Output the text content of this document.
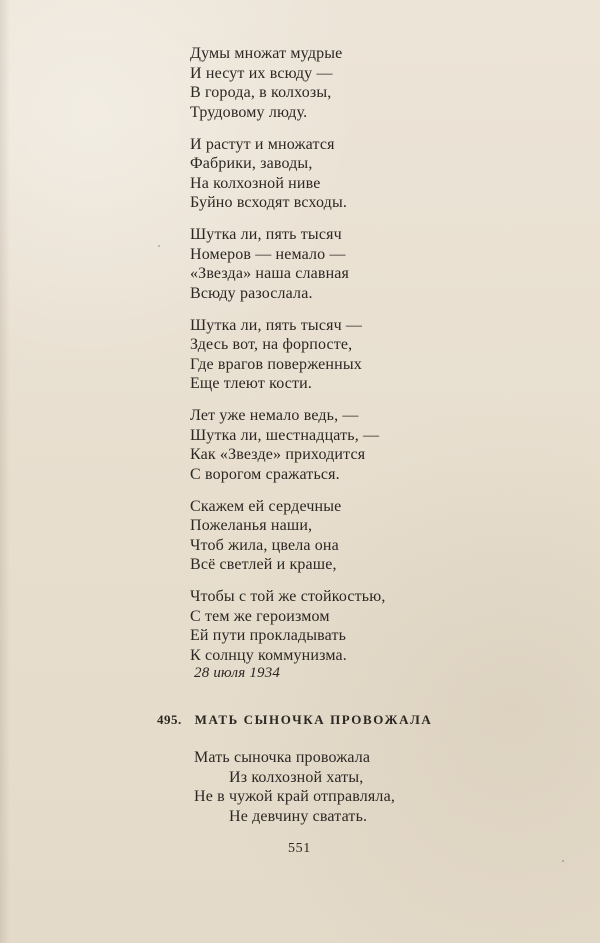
Думы множат мудрые
И несут их всюду —
В города, в колхозы,
Трудовому люду.
И растут и множатся
Фабрики, заводы,
На колхозной ниве
Буйно всходят всходы.
Шутка ли, пять тысяч
Номеров — немало —
«Звезда» наша славная
Всюду разослала.
Шутка ли, пять тысяч —
Здесь вот, на форпосте,
Где врагов поверженных
Еще тлеют кости.
Лет уже немало ведь, —
Шутка ли, шестнадцать, —
Как «Звезде» приходится
С ворогом сражаться.
Скажем ей сердечные
Пожеланья наши,
Чтоб жила, цвела она
Всё светлей и краше,
Чтобы с той же стойкостью,
С тем же героизмом
Ей пути прокладывать
К солнцу коммунизма.
28 июля 1934
495. МАТЬ СЫНОЧКА ПРОВОЖАЛА
Мать сыночка провожала
Из колхозной хаты,
Не в чужой край отправляла,
Не девчину сватать.
551
